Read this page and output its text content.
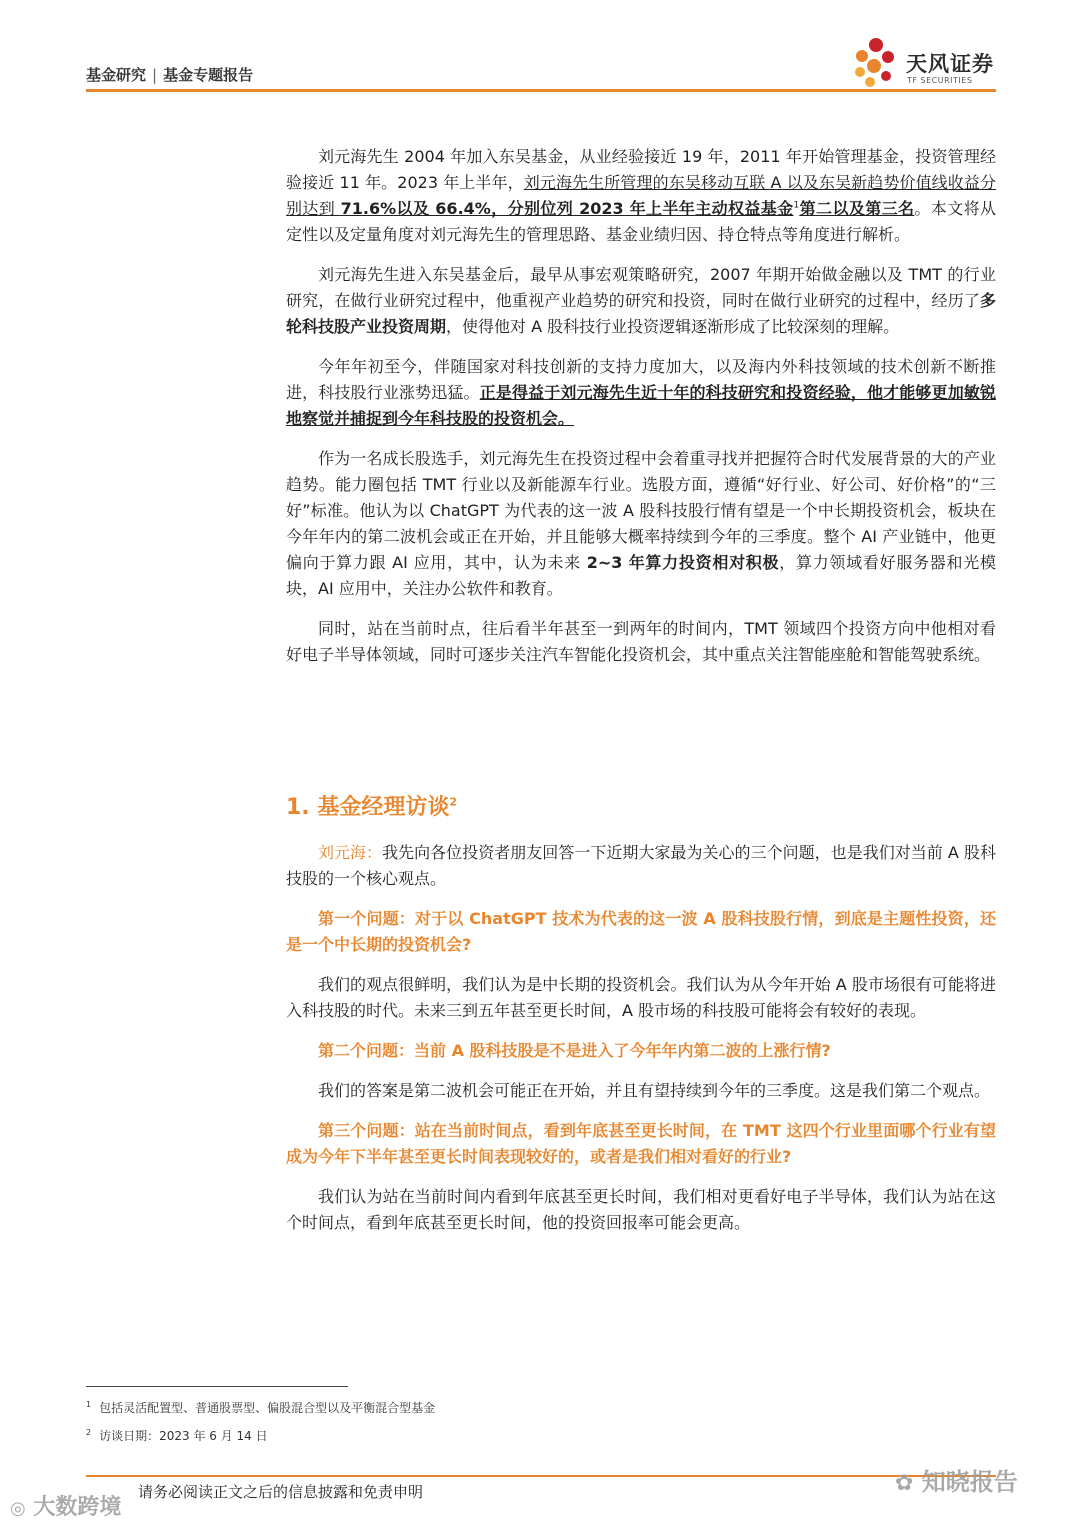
基金研究 | 基金专题报告	天风证券
TF SECURITIES

刘元海先生 2004 年加入东吴基金，从业经验接近 19 年，2011 年开始管理基金，投资管理经验接近 11 年。2023 年上半年，刘元海先生所管理的东吴移动互联 A 以及东吴新趋势价值线收益分别达到 71.6%以及 66.4%，分别位列 2023 年上半年主动权益基金$^1$第二以及第三名。本文将从定性以及定量角度对刘元海先生的管理思路、基金业绩归因、持仓特点等角度进行解析。

刘元海先生进入东吴基金后，最早从事宏观策略研究，2007 年期开始做金融以及 TMT 的行业研究，在做行业研究过程中，他重视产业趋势的研究和投资，同时在做行业研究的过程中，经历了多轮科技股产业投资周期，使得他对 A 股科技行业投资逻辑逐渐形成了比较深刻的理解。

今年年初至今，伴随国家对科技创新的支持力度加大，以及海内外科技领域的技术创新不断推进，科技股行业涨势迅猛。正是得益于刘元海先生近十年的科技研究和投资经验，他才能够更加敏锐地察觉并捕捉到今年科技股的投资机会。

作为一名成长股选手，刘元海先生在投资过程中会着重寻找并把握符合时代发展背景的大的产业趋势。能力圈包括 TMT 行业以及新能源车行业。选股方面，遵循“好行业、好公司、好价格”的“三好”标准。他认为以 ChatGPT 为代表的这一波 A 股科技股行情有望是一个中长期投资机会，板块在今年年内的第二波机会或正在开始，并且能够大概率持续到今年的三季度。整个 AI 产业链中，他更偏向于算力跟 AI 应用，其中，认为未来 2~3 年算力投资相对积极，算力领域看好服务器和光模块，AI 应用中，关注办公软件和教育。

同时，站在当前时点，往后看半年甚至一到两年的时间内，TMT 领域四个投资方向中他相对看好电子半导体领域，同时可逐步关注汽车智能化投资机会，其中重点关注智能座舱和智能驾驶系统。

1. 基金经理访谈$^2$

刘元海：我先向各位投资者朋友回答一下近期大家最为关心的三个问题，也是我们对当前 A 股科技股的一个核心观点。

第一个问题：对于以 ChatGPT 技术为代表的这一波 A 股科技股行情，到底是主题性投资，还是一个中长期的投资机会?

我们的观点很鲜明，我们认为是中长期的投资机会。我们认为从今年开始 A 股市场很有可能将进入科技股的时代。未来三到五年甚至更长时间，A 股市场的科技股可能将会有较好的表现。

第二个问题：当前 A 股科技股是不是进入了今年年内第二波的上涨行情?

我们的答案是第二波机会可能正在开始，并且有望持续到今年的三季度。这是我们第二个观点。

第三个问题：站在当前时间点，看到年底甚至更长时间，在 TMT 这四个行业里面哪个行业有望成为今年下半年甚至更长时间表现较好的，或者是我们相对看好的行业?

我们认为站在当前时间内看到年底甚至更长时间，我们相对更看好电子半导体，我们认为站在这个时间点，看到年底甚至更长时间，他的投资回报率可能会更高。

$^1$ 包括灵活配置型、普通股票型、偏股混合型以及平衡混合型基金
$^2$ 访谈日期：2023 年 6 月 14 日
请务必阅读正文之后的信息披露和免责申明
◎ 大数跨境
✿ 知晓报告
